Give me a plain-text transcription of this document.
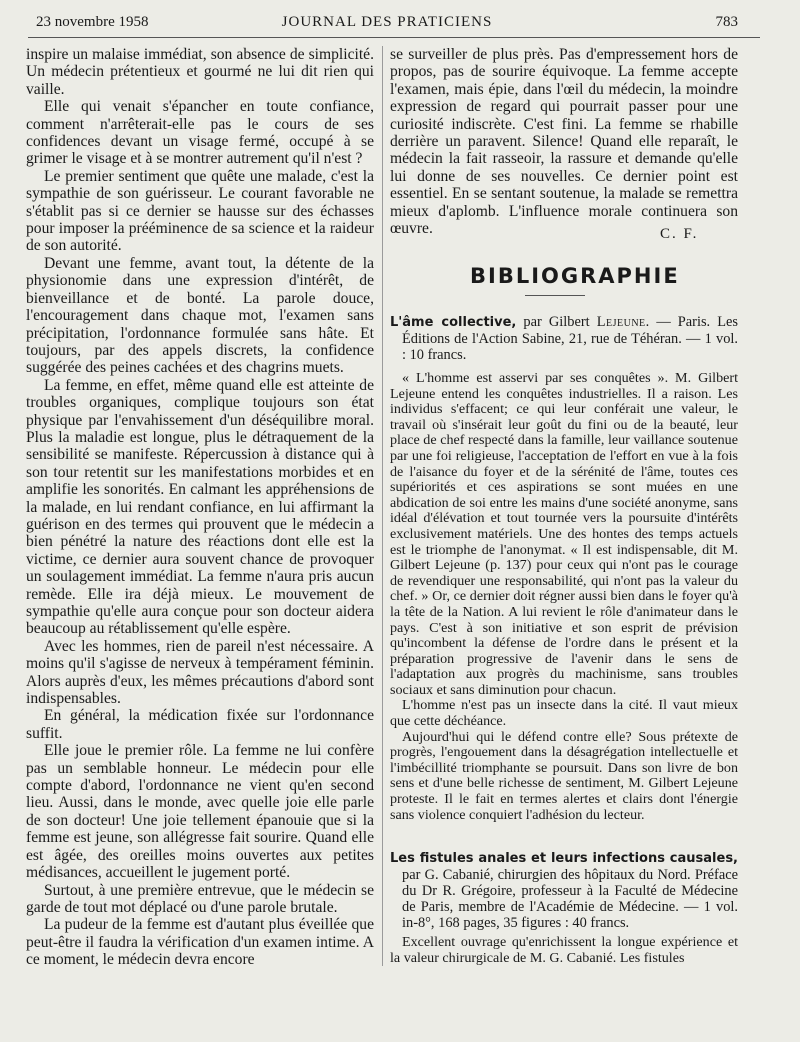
23 novembre 1958	JOURNAL DES PRATICIENS	783

inspire un malaise immédiat, son absence de simplicité. Un médecin prétentieux et gourmé ne lui dit rien qui vaille.

Elle qui venait s'épancher en toute confiance, comment n'arrêterait-elle pas le cours de ses confidences devant un visage fermé, occupé à se grimer le visage et à se montrer autrement qu'il n'est ?

Le premier sentiment que quête une malade, c'est la sympathie de son guérisseur. Le courant favorable ne s'établit pas si ce dernier se hausse sur des échasses pour imposer la prééminence de sa science et la raideur de son autorité.

Devant une femme, avant tout, la détente de la physionomie dans une expression d'intérêt, de bienveillance et de bonté. La parole douce, l'encouragement dans chaque mot, l'examen sans précipitation, l'ordonnance formulée sans hâte. Et toujours, par des appels discrets, la confidence suggérée des peines cachées et des chagrins muets.

La femme, en effet, même quand elle est atteinte de troubles organiques, complique toujours son état physique par l'envahissement d'un déséquilibre moral. Plus la maladie est longue, plus le détraquement de la sensibilité se manifeste. Répercussion à distance qui à son tour retentit sur les manifestations morbides et en amplifie les sonorités. En calmant les appréhensions de la malade, en lui rendant confiance, en lui affirmant la guérison en des termes qui prouvent que le médecin a bien pénétré la nature des réactions dont elle est la victime, ce dernier aura souvent chance de provoquer un soulagement immédiat. La femme n'aura pris aucun remède. Elle ira déjà mieux. Le mouvement de sympathie qu'elle aura conçue pour son docteur aidera beaucoup au rétablissement qu'elle espère.

Avec les hommes, rien de pareil n'est nécessaire. A moins qu'il s'agisse de nerveux à tempérament féminin. Alors auprès d'eux, les mêmes précautions d'abord sont indispensables.

En général, la médication fixée sur l'ordonnance suffit.

Elle joue le premier rôle. La femme ne lui confère pas un semblable honneur. Le médecin pour elle compte d'abord, l'ordonnance ne vient qu'en second lieu. Aussi, dans le monde, avec quelle joie elle parle de son docteur! Une joie tellement épanouie que si la femme est jeune, son allégresse fait sourire. Quand elle est âgée, des oreilles moins ouvertes aux petites médisances, accueillent le jugement porté.

Surtout, à une première entrevue, que le médecin se garde de tout mot déplacé ou d'une parole brutale.

La pudeur de la femme est d'autant plus éveillée que peut-être il faudra la vérification d'un examen intime. A ce moment, le médecin devra encore

se surveiller de plus près. Pas d'empressement hors de propos, pas de sourire équivoque. La femme accepte l'examen, mais épie, dans l'œil du médecin, la moindre expression de regard qui pourrait passer pour une curiosité indiscrète. C'est fini. La femme se rhabille derrière un paravent. Silence! Quand elle reparaît, le médecin la fait rasseoir, la rassure et demande qu'elle lui donne de ses nouvelles. Ce dernier point est essentiel. En se sentant soutenue, la malade se remettra mieux d'aplomb. L'influence morale continuera son œuvre.	C. F.
BIBLIOGRAPHIE

L'âme collective, par Gilbert Lejeune. — Paris. Les Éditions de l'Action Sabine, 21, rue de Téhéran. — 1 vol. : 10 francs.

« L'homme est asservi par ses conquêtes ». M. Gilbert Lejeune entend les conquêtes industrielles. Il a raison. Les individus s'effacent; ce qui leur conférait une valeur, le travail où s'insérait leur goût du fini ou de la beauté, leur place de chef respecté dans la famille, leur vaillance soutenue par une foi religieuse, l'acceptation de l'effort en vue à la fois de l'aisance du foyer et de la sérénité de l'âme, toutes ces supériorités et ces aspirations se sont muées en une abdication de soi entre les mains d'une société anonyme, sans idéal d'élévation et tout tournée vers la poursuite d'intérêts exclusivement matériels. Une des hontes des temps actuels est le triomphe de l'anonymat. « Il est indispensable, dit M. Gilbert Lejeune (p. 137) pour ceux qui n'ont pas le courage de revendiquer une responsabilité, qui n'ont pas la valeur du chef. » Or, ce dernier doit régner aussi bien dans le foyer qu'à la tête de la Nation. A lui revient le rôle d'animateur dans le pays. C'est à son initiative et son esprit de prévision qu'incombent la défense de l'ordre dans le présent et la préparation progressive de l'avenir dans le sens de l'adaptation aux progrès du machinisme, sans troubles sociaux et sans diminution pour chacun.

L'homme n'est pas un insecte dans la cité. Il vaut mieux que cette déchéance.

Aujourd'hui qui le défend contre elle? Sous prétexte de progrès, l'engouement dans la désagrégation intellectuelle et l'imbécillité triomphante se poursuit. Dans son livre de bon sens et d'une belle richesse de sentiment, M. Gilbert Lejeune proteste. Il le fait en termes alertes et clairs dont l'énergie sans violence conquiert l'adhésion du lecteur.

Les fistules anales et leurs infections causales, par G. Cabanié, chirurgien des hôpitaux du Nord. Préface du Dr R. Grégoire, professeur à la Faculté de Médecine de Paris, membre de l'Académie de Médecine. — 1 vol. in-8°, 168 pages, 35 figures : 40 francs.

Excellent ouvrage qu'enrichissent la longue expérience et la valeur chirurgicale de M. G. Cabanié. Les fistules
